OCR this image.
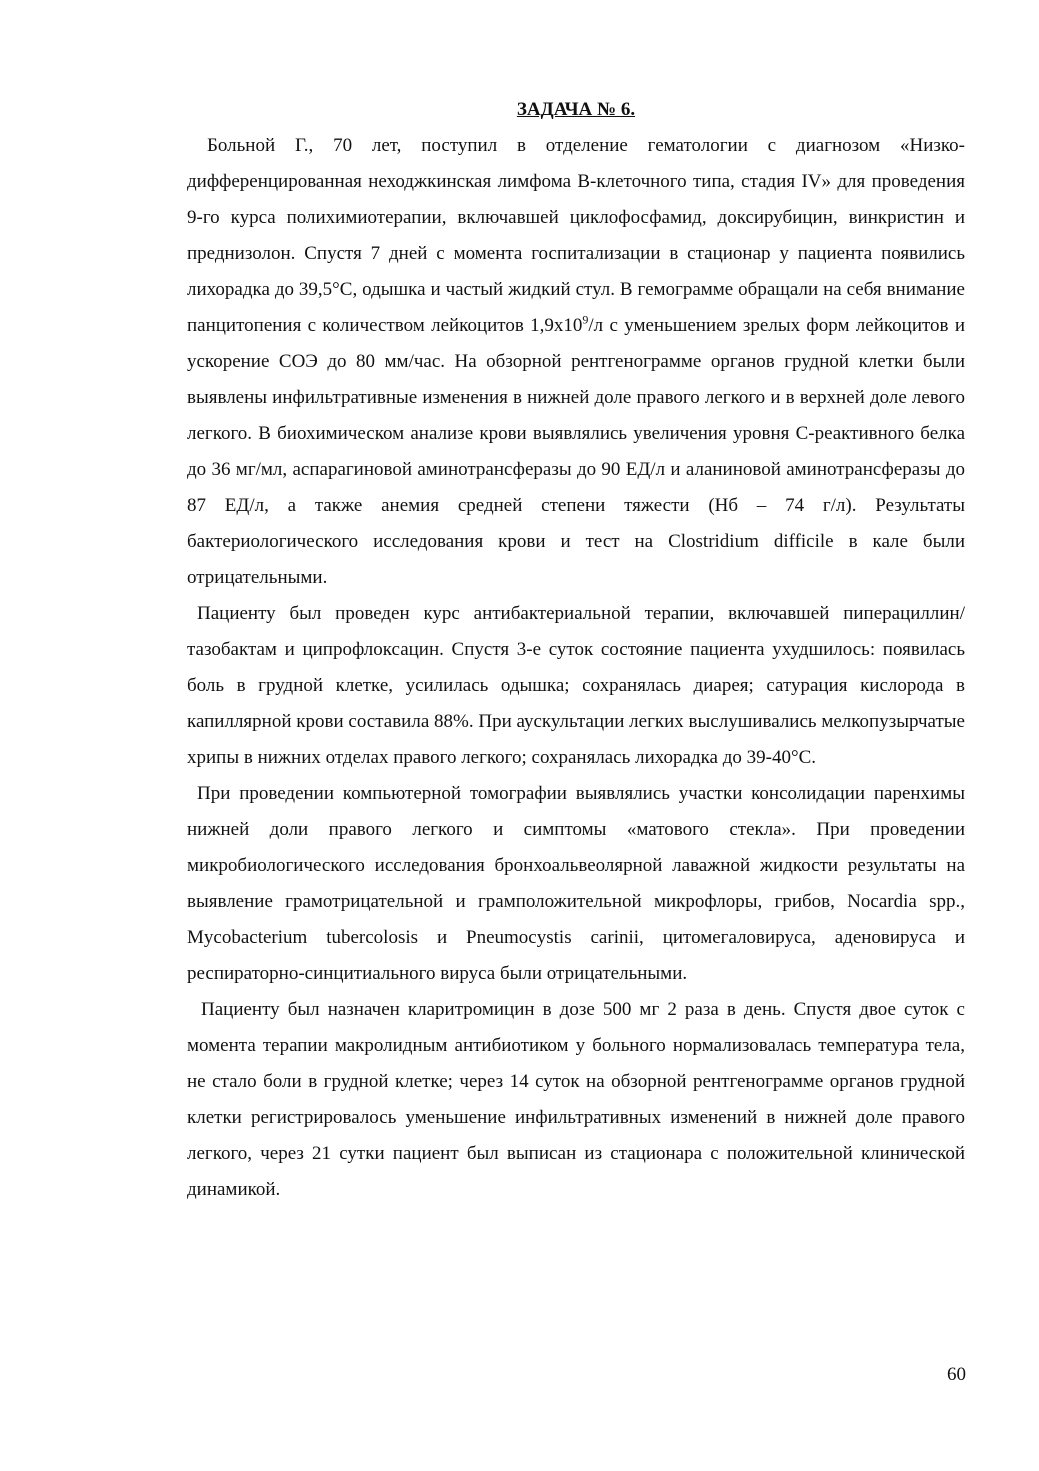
ЗАДАЧА № 6.

Больной Г., 70 лет, поступил в отделение гематологии с диагнозом «Низко-дифференцированная неходжкинская лимфома В-клеточного типа, стадия IV» для проведения 9-го курса полихимиотерапии, включавшей циклофосфамид, доксирубицин, винкристин и преднизолон. Спустя 7 дней с момента госпитализации в стационар у пациента появились лихорадка до 39,5°С, одышка и частый жидкий стул. В гемограмме обращали на себя внимание панцитопения с количеством лейкоцитов $1,9х10^9/л$ с уменьшением зрелых форм лейкоцитов и ускорение СОЭ до 80 мм/час. На обзорной рентгенограмме органов грудной клетки были выявлены инфильтративные изменения в нижней доле правого легкого и в верхней доле левого легкого. В биохимическом анализе крови выявлялись увеличения уровня С-реактивного белка до 36 мг/мл, аспарагиновой аминотрансферазы до 90 ЕД/л и аланиновой аминотрансферазы до 87 ЕД/л, а также анемия средней степени тяжести (Нб – 74 г/л). Результаты бактериологического исследования крови и тест на Clostridium difficile в кале были отрицательными.

Пациенту был проведен курс антибактериальной терапии, включавшей пиперациллин/тазобактам и ципрофлоксацин. Спустя 3-е суток состояние пациента ухудшилось: появилась боль в грудной клетке, усилилась одышка; сохранялась диарея; сатурация кислорода в капиллярной крови составила 88%. При аускультации легких выслушивались мелкопузырчатые хрипы в нижних отделах правого легкого; сохранялась лихорадка до 39-40°С.

При проведении компьютерной томографии выявлялись участки консолидации паренхимы нижней доли правого легкого и симптомы «матового стекла». При проведении микробиологического исследования бронхоальвеолярной лаважной жидкости результаты на выявление грамотрицательной и грамположительной микрофлоры, грибов, Nocardia spp., Mycobacterium tubercolosis и Pneumocystis carinii, цитомегаловируса, аденовируса и респираторно-синцитиального вируса были отрицательными.

Пациенту был назначен кларитромицин в дозе 500 мг 2 раза в день. Спустя двое суток с момента терапии макролидным антибиотиком у больного нормализовалась температура тела, не стало боли в грудной клетке; через 14 суток на обзорной рентгенограмме органов грудной клетки регистрировалось уменьшение инфильтративных изменений в нижней доле правого легкого, через 21 сутки пациент был выписан из стационара с положительной клинической динамикой.

60
